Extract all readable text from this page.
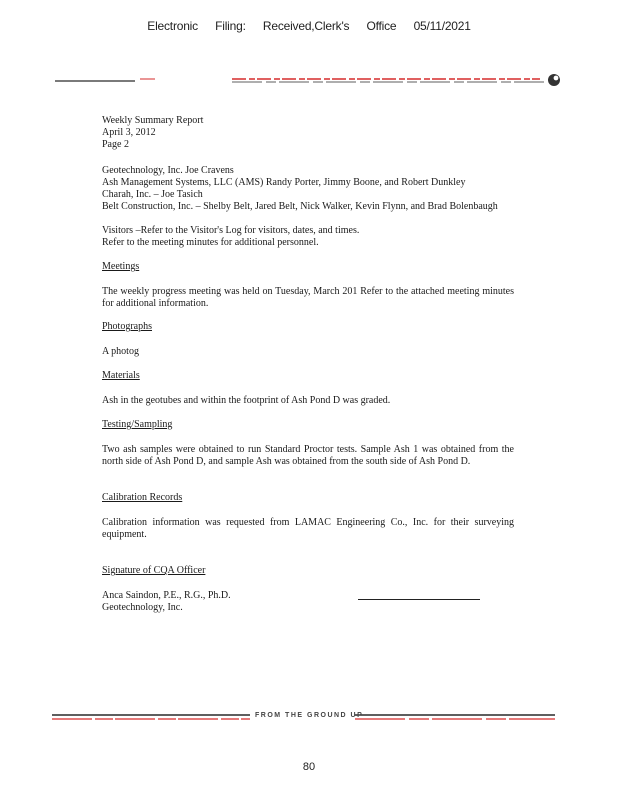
Electronic Filing: Received,Clerk's Office 05/11/2021
Weekly Summary Report
April 3, 2012
Page 2
Geotechnology, Inc. Joe Cravens
Ash Management Systems, LLC (AMS) Randy Porter, Jimmy Boone, and Robert Dunkley
Charah, Inc. – Joe Tasich
Belt Construction, Inc. – Shelby Belt, Jared Belt, Nick Walker, Kevin Flynn, and Brad Bolenbaugh
Visitors –Refer to the Visitor's Log for visitors, dates, and times.
Refer to the meeting minutes for additional personnel.
Meetings
The weekly progress meeting was held on Tuesday, March 201 Refer to the attached meeting minutes for additional information.
Photographs
A photog
Materials
Ash in the geotubes and within the footprint of Ash Pond D was graded.
Testing/Sampling
Two ash samples were obtained to run Standard Proctor tests. Sample Ash 1 was obtained from the north side of Ash Pond D, and sample Ash was obtained from the south side of Ash Pond D.
Calibration Records
Calibration information was requested from LAMAC Engineering Co., Inc. for their surveying equipment.
Signature of CQA Officer
Anca Saindon, P.E., R.G., Ph.D.
Geotechnology, Inc.
FROM THE GROUND UP
80
